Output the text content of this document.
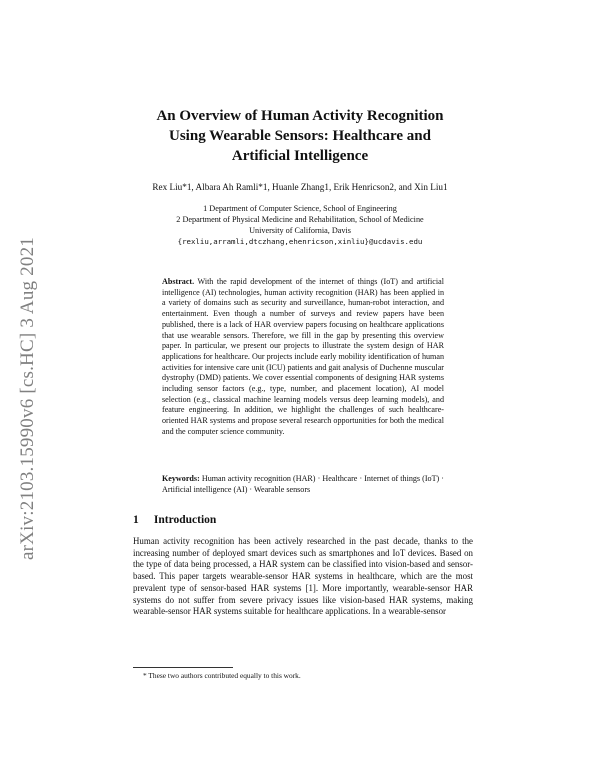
arXiv:2103.15990v6 [cs.HC] 3 Aug 2021
An Overview of Human Activity Recognition
Using Wearable Sensors: Healthcare and
Artificial Intelligence
Rex Liu*1, Albara Ah Ramli*1, Huanle Zhang1, Erik Henricson2, and Xin Liu1
1 Department of Computer Science, School of Engineering
2 Department of Physical Medicine and Rehabilitation, School of Medicine
University of California, Davis
{rexliu,arramli,dtczhang,ehenricson,xinliu}@ucdavis.edu
Abstract. With the rapid development of the internet of things (IoT) and artificial intelligence (AI) technologies, human activity recognition (HAR) has been applied in a variety of domains such as security and surveillance, human-robot interaction, and entertainment. Even though a number of surveys and review papers have been published, there is a lack of HAR overview papers focusing on healthcare applications that use wearable sensors. Therefore, we fill in the gap by presenting this overview paper. In particular, we present our projects to illustrate the system design of HAR applications for healthcare. Our projects include early mobility identification of human activities for intensive care unit (ICU) patients and gait analysis of Duchenne muscular dystrophy (DMD) patients. We cover essential components of designing HAR systems including sensor factors (e.g., type, number, and placement location), AI model selection (e.g., classical machine learning models versus deep learning models), and feature engineering. In addition, we highlight the challenges of such healthcare-oriented HAR systems and propose several research opportunities for both the medical and the computer science community.
Keywords: Human activity recognition (HAR) · Healthcare · Internet of things (IoT) · Artificial intelligence (AI) · Wearable sensors
1 Introduction
Human activity recognition has been actively researched in the past decade, thanks to the increasing number of deployed smart devices such as smartphones and IoT devices. Based on the type of data being processed, a HAR system can be classified into vision-based and sensor-based. This paper targets wearable-sensor HAR systems in healthcare, which are the most prevalent type of sensor-based HAR systems [1]. More importantly, wearable-sensor HAR systems do not suffer from severe privacy issues like vision-based HAR systems, making wearable-sensor HAR systems suitable for healthcare applications. In a wearable-sensor
* These two authors contributed equally to this work.
